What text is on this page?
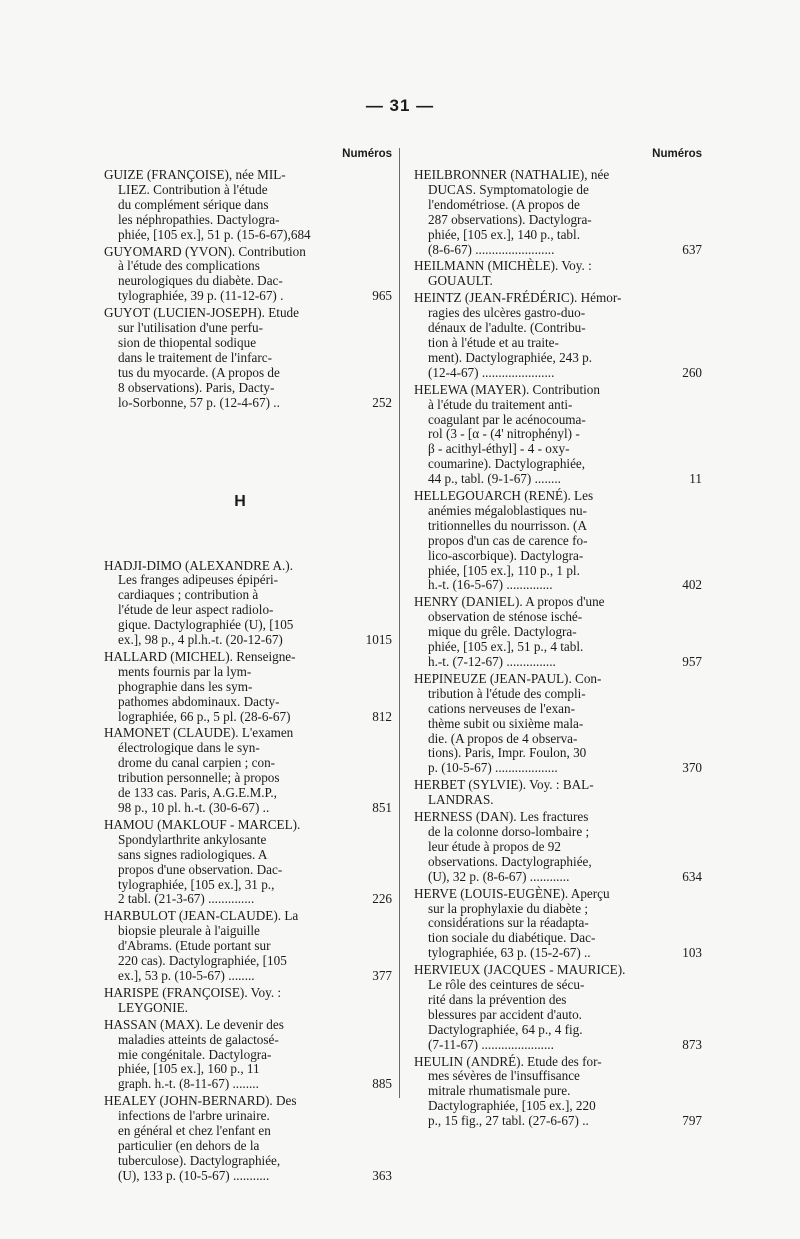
— 31 —
Numéros
GUIZE (FRANÇOISE), née MIL-
LIEZ. Contribution à l'étude
du complément sérique dans
les néphropathies. Dactylogra-
phiée, [105 ex.], 51 p. (15-6-67),684
GUYOMARD (YVON). Contribution
à l'étude des complications
neurologiques du diabète. Dac-
tylographiée, 39 p. (11-12-67) .	965
GUYOT (LUCIEN-JOSEPH). Etude
sur l'utilisation d'une perfu-
sion de thiopental sodique
dans le traitement de l'infarc-
tus du myocarde. (A propos de
8 observations). Paris, Dacty-
lo-Sorbonne, 57 p. (12-4-67) ..	252
H
HADJI-DIMO (ALEXANDRE A.).
Les franges adipeuses épipéri-
cardiaques ; contribution à
l'étude de leur aspect radiolo-
gique. Dactylographiée (U), [105
ex.], 98 p., 4 pl.h.-t. (20-12-67)	1015
HALLARD (MICHEL). Renseigne-
ments fournis par la lym-
phographie dans les sym-
pathomes abdominaux. Dacty-
lographiée, 66 p., 5 pl. (28-6-67)	812
HAMONET (CLAUDE). L'examen
électrologique dans le syn-
drome du canal carpien ; con-
tribution personnelle; à propos
de 133 cas. Paris, A.G.E.M.P.,
98 p., 10 pl. h.-t. (30-6-67) ..	851
HAMOU (MAKLOUF - MARCEL).
Spondylarthrite ankylosante
sans signes radiologiques. A
propos d'une observation. Dac-
tylographiée, [105 ex.], 31 p.,
2 tabl. (21-3-67) ..............	226
HARBULOT (JEAN-CLAUDE). La
biopsie pleurale à l'aiguille
d'Abrams. (Etude portant sur
220 cas). Dactylographiée, [105
ex.], 53 p. (10-5-67) ........	377
HARISPE (FRANÇOISE). Voy. :
LEYGONIE.
HASSAN (MAX). Le devenir des
maladies atteints de galactosé-
mie congénitale. Dactylogra-
phiée, [105 ex.], 160 p., 11
graph. h.-t. (8-11-67) ........	885
HEALEY (JOHN-BERNARD). Des
infections de l'arbre urinaire.
en général et chez l'enfant en
particulier (en dehors de la
tuberculose). Dactylographiée,
(U), 133 p. (10-5-67) ...........	363
Numéros
HEILBRONNER (NATHALIE), née
DUCAS. Symptomatologie de
l'endométriose. (A propos de
287 observations). Dactylogra-
phiée, [105 ex.], 140 p., tabl.
(8-6-67) ........................	637
HEILMANN (MICHÈLE). Voy. :
GOUAULT.
HEINTZ (JEAN-FRÉDÉRIC). Hémor-
ragies des ulcères gastro-duo-
dénaux de l'adulte. (Contribu-
tion à l'étude et au traite-
ment). Dactylographiée, 243 p.
(12-4-67) ......................	260
HELEWA (MAYER). Contribution
à l'étude du traitement anti-
coagulant par le acénocouma-
rol (3 - [α - (4' nitrophényl) -
β - acithyl-éthyl] - 4 - oxy-
coumarine). Dactylographiée,
44 p., tabl. (9-1-67) ........	11
HELLEGOUARCH (RENÉ). Les
anémies mégaloblastiques nu-
tritionnelles du nourrisson. (A
propos d'un cas de carence fo-
lico-ascorbique). Dactylogra-
phiée, [105 ex.], 110 p., 1 pl.
h.-t. (16-5-67) ..............	402
HENRY (DANIEL). A propos d'une
observation de sténose isché-
mique du grêle. Dactylogra-
phiée, [105 ex.], 51 p., 4 tabl.
h.-t. (7-12-67) ...............	957
HEPINEUZE (JEAN-PAUL). Con-
tribution à l'étude des compli-
cations nerveuses de l'exan-
thème subit ou sixième mala-
die. (A propos de 4 observa-
tions). Paris, Impr. Foulon, 30
p. (10-5-67) ...................	370
HERBET (SYLVIE). Voy. : BAL-
LANDRAS.
HERNESS (DAN). Les fractures
de la colonne dorso-lombaire ;
leur étude à propos de 92
observations. Dactylographiée,
(U), 32 p. (8-6-67) ............	634
HERVE (LOUIS-EUGÈNE). Aperçu
sur la prophylaxie du diabète ;
considérations sur la réadapta-
tion sociale du diabétique. Dac-
tylographiée, 63 p. (15-2-67) ..	103
HERVIEUX (JACQUES - MAURICE).
Le rôle des ceintures de sécu-
rité dans la prévention des
blessures par accident d'auto.
Dactylographiée, 64 p., 4 fig.
(7-11-67) ......................	873
HEULIN (ANDRÉ). Etude des for-
mes sévères de l'insuffisance
mitrale rhumatismale pure.
Dactylographiée, [105 ex.], 220
p., 15 fig., 27 tabl. (27-6-67) ..	797
